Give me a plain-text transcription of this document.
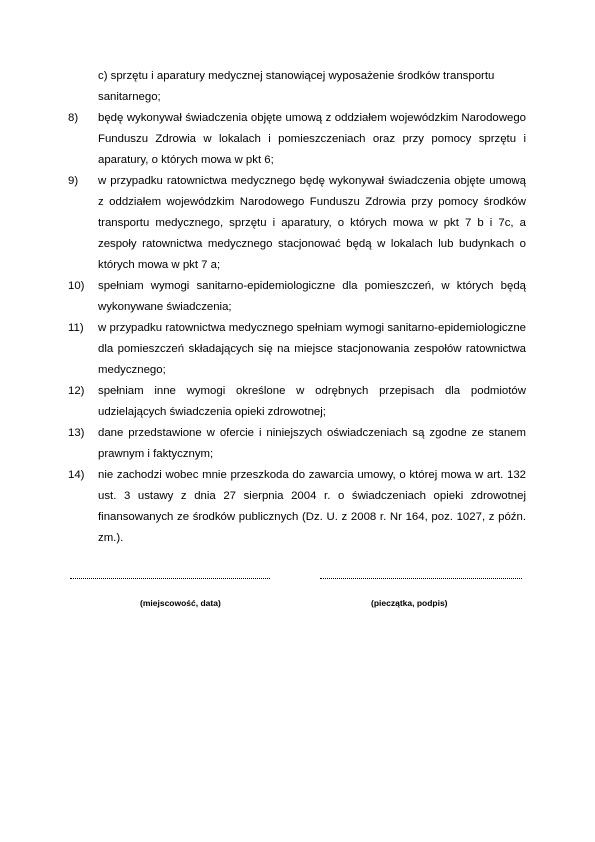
c) sprzętu i aparatury medycznej stanowiącej wyposażenie środków transportu sanitarnego;
8)	będę wykonywał świadczenia objęte umową z oddziałem wojewódzkim Narodowego Funduszu Zdrowia w lokalach i pomieszczeniach oraz przy pomocy sprzętu i aparatury, o których mowa w pkt 6;
9)	w przypadku ratownictwa medycznego będę wykonywał świadczenia objęte umową z oddziałem wojewódzkim Narodowego Funduszu Zdrowia przy pomocy środków transportu medycznego, sprzętu i aparatury, o których mowa w pkt 7 b i 7c, a zespoły ratownictwa medycznego stacjonować będą w lokalach lub budynkach o których mowa w pkt 7 a;
10)	spełniam wymogi sanitarno-epidemiologiczne dla pomieszczeń, w których będą wykonywane świadczenia;
11)	w przypadku ratownictwa medycznego spełniam wymogi sanitarno-epidemiologiczne dla pomieszczeń składających się na miejsce stacjonowania zespołów ratownictwa medycznego;
12)	spełniam inne wymogi określone w odrębnych przepisach dla podmiotów udzielających świadczenia opieki zdrowotnej;
13)	dane przedstawione w ofercie i niniejszych oświadczeniach są zgodne ze stanem prawnym i faktycznym;
14)	nie zachodzi wobec mnie przeszkoda do zawarcia umowy, o której mowa w art. 132 ust. 3 ustawy z dnia 27 sierpnia 2004 r. o świadczeniach opieki zdrowotnej finansowanych ze środków publicznych (Dz. U. z 2008 r. Nr 164, poz. 1027, z późn. zm.).
(miejscowość, data)	(pieczątka, podpis)
